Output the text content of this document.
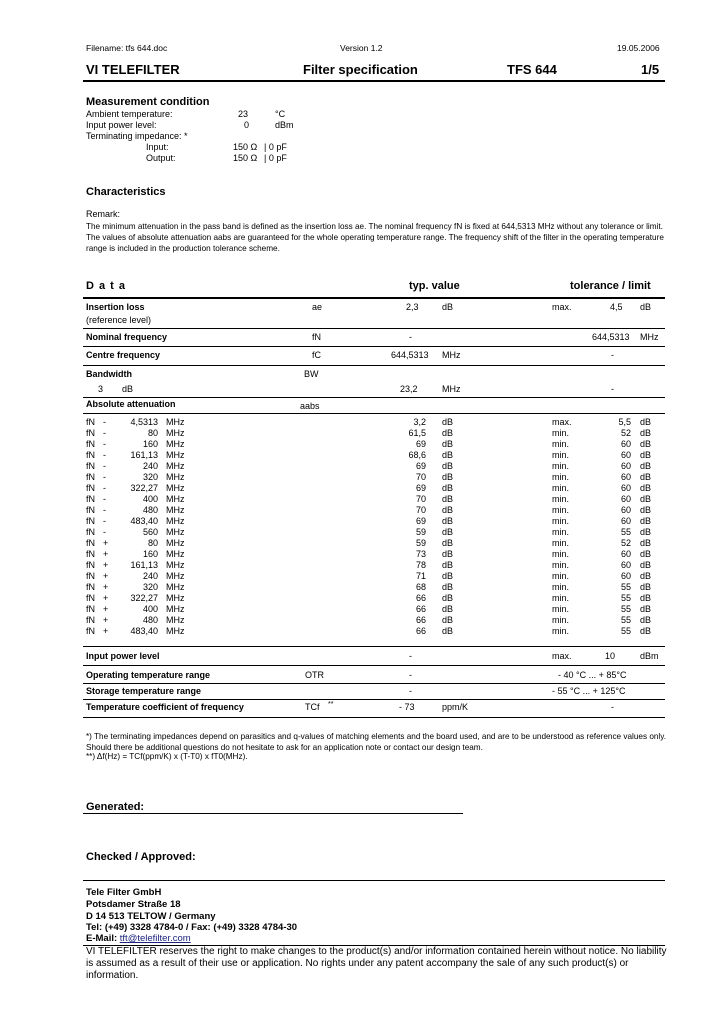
Filename: tfs 644.doc	Version 1.2	19.05.2006
VI TELEFILTER	Filter specification	TFS 644	1/5
Measurement condition
Ambient temperature:	23	°C
Input power level:	0	dBm
Terminating impedance: *
Input:	150 Ω | 0 pF
Output:	150 Ω | 0 pF
Characteristics
Remark:
The minimum attenuation in the pass band is defined as the insertion loss ae. The nominal frequency fN is fixed at 644,5313 MHz without any tolerance or limit. The values of absolute attenuation aabs are guaranteed for the whole operating temperature range. The frequency shift of the filter in the operating temperature range is included in the production tolerance scheme.
D a t a	typ. value	tolerance / limit
Insertion loss	ae	2,3	dB	max.	4,5 dB
(reference level)
Nominal frequency	fN	-	644,5313 MHz
Centre frequency	fC	644,5313 MHz	-
Bandwidth	BW
3 dB	23,2	MHz	-
Absolute attenuation	aabs
fN -	4,5313 MHz	3,2 dB	max.	5,5 dB
fN -	80 MHz	61,5 dB	min.	52 dB
fN -	160 MHz	69 dB	min.	60 dB
fN -	161,13 MHz	68,6 dB	min.	60 dB
fN -	240 MHz	69 dB	min.	60 dB
fN -	320 MHz	70 dB	min.	60 dB
fN -	322,27 MHz	69 dB	min.	60 dB
fN -	400 MHz	70 dB	min.	60 dB
fN -	480 MHz	70 dB	min.	60 dB
fN -	483,40 MHz	69 dB	min.	60 dB
fN -	560 MHz	59 dB	min.	55 dB
fN +	80 MHz	59 dB	min.	52 dB
fN +	160 MHz	73 dB	min.	60 dB
fN + 161,13 MHz	78 dB	min.	60 dB
fN +	240 MHz	71 dB	min.	60 dB
fN +	320 MHz	68 dB	min.	55 dB
fN + 322,27 MHz	66 dB	min.	55 dB
fN +	400 MHz	66 dB	min.	55 dB
fN +	480 MHz	66 dB	min.	55 dB
fN + 483,40 MHz	66 dB	min.	55 dB
Input power level	-	max.	10	dBm
Operating temperature range	OTR	-	- 40 °C ... + 85°C
Storage temperature range	-	- 55 °C ... + 125°C
Temperature coefficient of frequency	TCf **	- 73	ppm/K	-
*) The terminating impedances depend on parasitics and q-values of matching elements and the board used, and are to be understood as reference values only. Should there be additional questions do not hesitate to ask for an application note or contact our design team.
**) Δf(Hz) = TCf(ppm/K) x (T-T0) x fT0(MHz).
Generated:
Checked / Approved:
Tele Filter GmbH
Potsdamer Straße 18
D 14 513 TELTOW / Germany
Tel: (+49) 3328 4784-0 / Fax: (+49) 3328 4784-30
E-Mail: tft@telefilter.com
VI TELEFILTER reserves the right to make changes to the product(s) and/or information contained herein without notice. No liability is assumed as a result of their use or application. No rights under any patent accompany the sale of any such product(s) or information.
